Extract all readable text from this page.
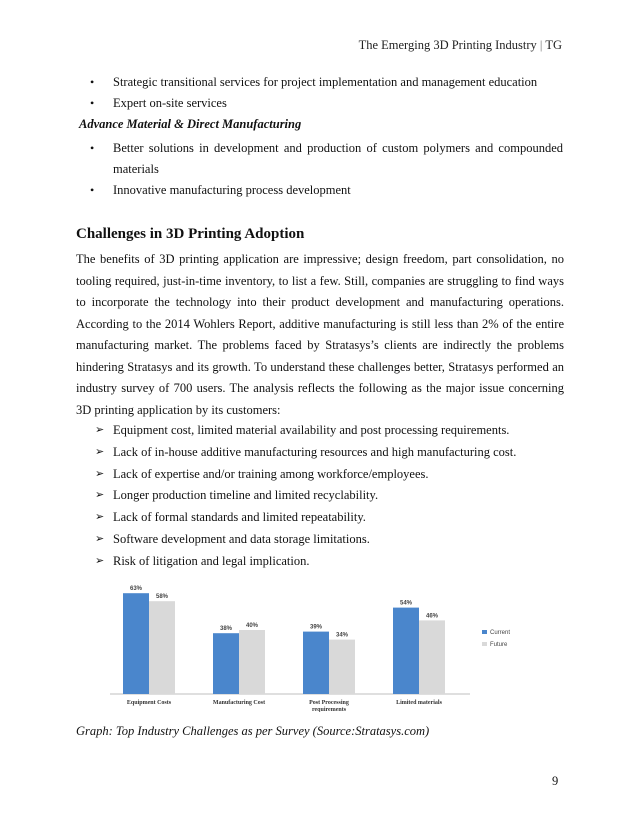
The Emerging 3D Printing Industry | TG
• Strategic transitional services for project implementation and management education
• Expert on-site services
Advance Material & Direct Manufacturing
• Better solutions in development and production of custom polymers and compounded materials
• Innovative manufacturing process development
Challenges in 3D Printing Adoption

The benefits of 3D printing application are impressive; design freedom, part consolidation, no tooling required, just-in-time inventory, to list a few. Still, companies are struggling to find ways to incorporate the technology into their product development and manufacturing operations. According to the 2014 Wohlers Report, additive manufacturing is still less than 2% of the entire manufacturing market. The problems faced by Stratasys’s clients are indirectly the problems hindering Stratasys and its growth. To understand these challenges better, Stratasys performed an industry survey of 700 users. The analysis reflects the following as the major issue concerning 3D printing application by its customers:

➢ Equipment cost, limited material availability and post processing requirements.
➢ Lack of in-house additive manufacturing resources and high manufacturing cost.
➢ Lack of expertise and/or training among workforce/employees.
➢ Longer production timeline and limited recyclability.
➢ Lack of formal standards and limited repeatability.
➢ Software development and data storage limitations.
➢ Risk of litigation and legal implication.
63%
58%
Equipment Costs
38%
40%
Manufacturing Cost
39%
34%
Post Processing
requirements
54%
46%
Limited materials
Current
Future
Graph: Top Industry Challenges as per Survey (Source:Stratasys.com)
9
